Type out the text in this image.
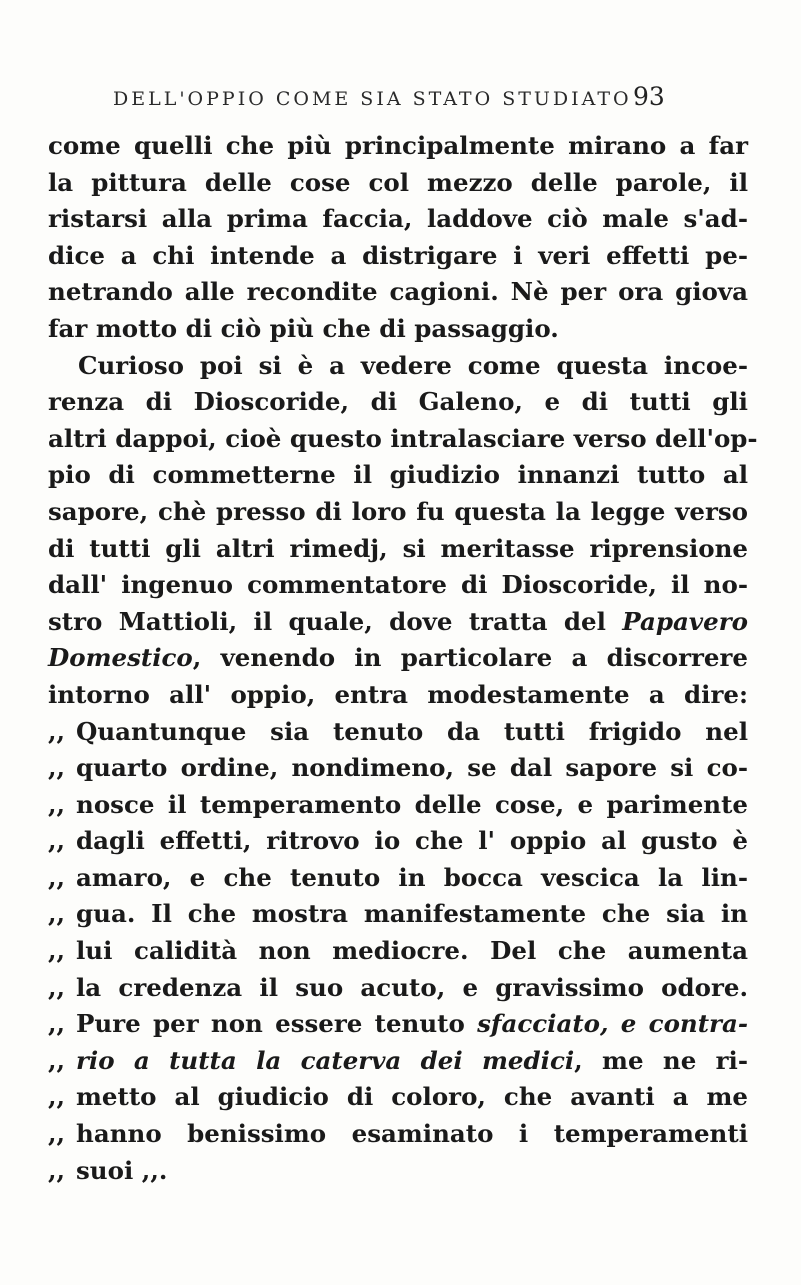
DELL'OPPIO COME SIA STATO STUDIATO 93
come quelli che più principalmente mirano a far
la pittura delle cose col mezzo delle parole, il
ristarsi alla prima faccia, laddove ciò male s'ad-
dice a chi intende a distrigare i veri effetti pe-
netrando alle recondite cagioni. Nè per ora giova
far motto di ciò più che di passaggio.
Curioso poi si è a vedere come questa incoe-
renza di Dioscoride, di Galeno, e di tutti gli
altri dappoi, cioè questo intralasciare verso dell'op-
pio di commetterne il giudizio innanzi tutto al
sapore, chè presso di loro fu questa la legge verso
di tutti gli altri rimedj, si meritasse riprensione
dall' ingenuo commentatore di Dioscoride, il no-
stro Mattioli, il quale, dove tratta del Papavero
Domestico, venendo in particolare a discorrere
intorno all' oppio, entra modestamente a dire:
,, Quantunque sia tenuto da tutti frigido nel
,, quarto ordine, nondimeno, se dal sapore si co-
,, nosce il temperamento delle cose, e parimente
,, dagli effetti, ritrovo io che l' oppio al gusto è
,, amaro, e che tenuto in bocca vescica la lin-
,, gua. Il che mostra manifestamente che sia in
,, lui calidità non mediocre. Del che aumenta
,, la credenza il suo acuto, e gravissimo odore.
,, Pure per non essere tenuto sfacciato, e contra-
,, rio a tutta la caterva dei medici, me ne ri-
,, metto al giudicio di coloro, che avanti a me
,, hanno benissimo esaminato i temperamenti
,, suoi ,,.
